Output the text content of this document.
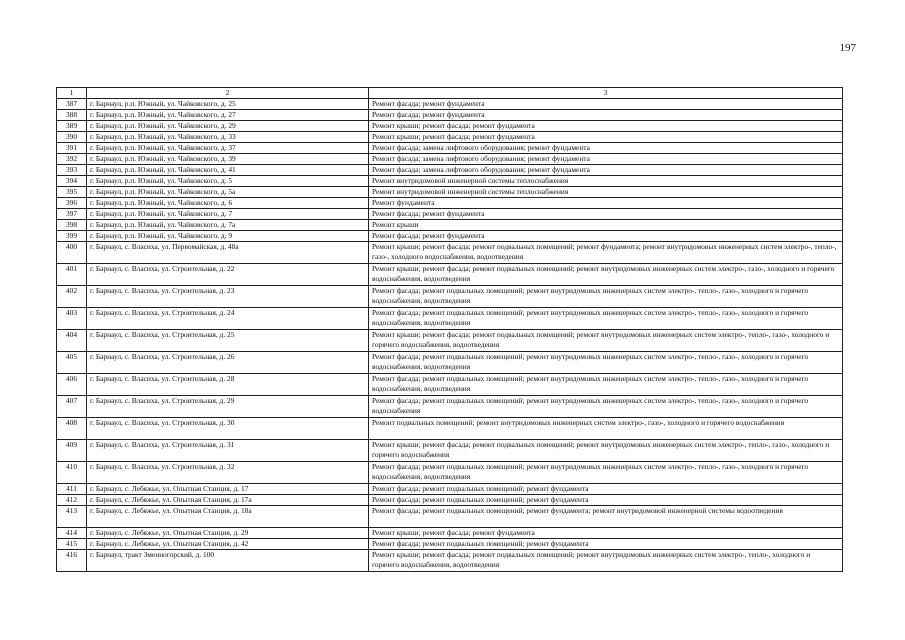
197
1	2	3
387	г. Барнаул, р.п. Южный, ул. Чайковского, д. 25	Ремонт фасада; ремонт фундамента
388	г. Барнаул, р.п. Южный, ул. Чайковского, д. 27	Ремонт фасада; ремонт фундамента
389	г. Барнаул, р.п. Южный, ул. Чайковского, д. 29	Ремонт крыши; ремонт фасада; ремонт фундамента
390	г. Барнаул, р.п. Южный, ул. Чайковского, д. 33	Ремонт крыши; ремонт фасада; ремонт фундамента
391	г. Барнаул, р.п. Южный, ул. Чайковского, д. 37	Ремонт фасада; замена лифтового оборудования; ремонт фундамента
392	г. Барнаул, р.п. Южный, ул. Чайковского, д. 39	Ремонт фасада; замена лифтового оборудования; ремонт фундамента
393	г. Барнаул, р.п. Южный, ул. Чайковского, д. 41	Ремонт фасада; замена лифтового оборудования; ремонт фундамента
394	г. Барнаул, р.п. Южный, ул. Чайковского, д. 5	Ремонт внутридомовой инженерной системы теплоснабжения
395	г. Барнаул, р.п. Южный, ул. Чайковского, д. 5а	Ремонт внутридомовой инженерной системы теплоснабжения
396	г. Барнаул, р.п. Южный, ул. Чайковского, д. 6	Ремонт фундамента
397	г. Барнаул, р.п. Южный, ул. Чайковского, д. 7	Ремонт фасада; ремонт фундамента
398	г. Барнаул, р.п. Южный, ул. Чайковского, д. 7а	Ремонт крыши
399	г. Барнаул, р.п. Южный, ул. Чайковского, д. 9	Ремонт фасада; ремонт фундамента
400	г. Барнаул, с. Власиха, ул. Первомайская, д. 48а	Ремонт крыши; ремонт фасада; ремонт подвальных помещений; ремонт фундамента; ремонт внутридомовых инженерных систем электро-, тепло-, газо-, холодного водоснабжения, водоотведения
401	г. Барнаул, с. Власиха, ул. Строительная, д. 22	Ремонт крыши; ремонт фасада; ремонт подвальных помещений; ремонт внутридомовых инженерных систем электро-, газо-, холодного и горячего водоснабжения, водоотведения
402	г. Барнаул, с. Власиха, ул. Строительная, д. 23	Ремонт фасада; ремонт подвальных помещений; ремонт внутридомовых инженерных систем электро-, тепло-, газо-, холодного и горячего водоснабжения, водоотведения
403	г. Барнаул, с. Власиха, ул. Строительная, д. 24	Ремонт фасада; ремонт подвальных помещений; ремонт внутридомовых инженерных систем электро-, тепло-, газо-, холодного и горячего водоснабжения, водоотведения
404	г. Барнаул, с. Власиха, ул. Строительная, д. 25	Ремонт крыши; ремонт фасада; ремонт подвальных помещений; ремонт внутридомовых инженерных систем электро-, тепло-, газо-, холодного и горячего водоснабжения, водоотведения
405	г. Барнаул, с. Власиха, ул. Строительная, д. 26	Ремонт фасада; ремонт подвальных помещений; ремонт внутридомовых инженерных систем электро-, тепло-, газо-, холодного и горячего водоснабжения, водоотведения
406	г. Барнаул, с. Власиха, ул. Строительная, д. 28	Ремонт фасада; ремонт подвальных помещений; ремонт внутридомовых инженерных систем электро-, тепло-, газо-, холодного и горячего водоснабжения, водоотведения
407	г. Барнаул, с. Власиха, ул. Строительная, д. 29	Ремонт фасада; ремонт подвальных помещений; ремонт внутридомовых инженерных систем электро-, тепло-, газо-, холодного и горячего водоснабжения
408	г. Барнаул, с. Власиха, ул. Строительная, д. 30	Ремонт подвальных помещений; ремонт внутридомовых инженерных систем электро-, газо-, холодного и горячего водоснабжения
409	г. Барнаул, с. Власиха, ул. Строительная, д. 31	Ремонт крыши; ремонт фасада; ремонт подвальных помещений; ремонт внутридомовых инженерных систем электро-, тепло-, газо-, холодного и горячего водоснабжения
410	г. Барнаул, с. Власиха, ул. Строительная, д. 32	Ремонт фасада; ремонт подвальных помещений; ремонт внутридомовых инженерных систем электро-, тепло-, газо-, холодного и горячего водоснабжения, водоотведения
411	г. Барнаул, с. Лебяжье, ул. Опытная Станция, д. 17	Ремонт фасада; ремонт подвальных помещений; ремонт фундамента
412	г. Барнаул, с. Лебяжье, ул. Опытная Станция, д. 17а	Ремонт фасада; ремонт подвальных помещений; ремонт фундамента
413	г. Барнаул, с. Лебяжье, ул. Опытная Станция, д. 18а	Ремонт фасада; ремонт подвальных помещений; ремонт фундамента; ремонт внутридомовой инженерной системы водоотведения
414	г. Барнаул, с. Лебяжье, ул. Опытная Станция, д. 29	Ремонт крыши; ремонт фасада; ремонт фундамента
415	г. Барнаул, с. Лебяжье, ул. Опытная Станция, д. 42	Ремонт фасада; ремонт подвальных помещений; ремонт фундамента
416	г. Барнаул, тракт Змеиногорский, д. 100	Ремонт крыши; ремонт фасада; ремонт подвальных помещений; ремонт внутридомовых инженерных систем электро-, тепло-, холодного и горячего водоснабжения, водоотведения
